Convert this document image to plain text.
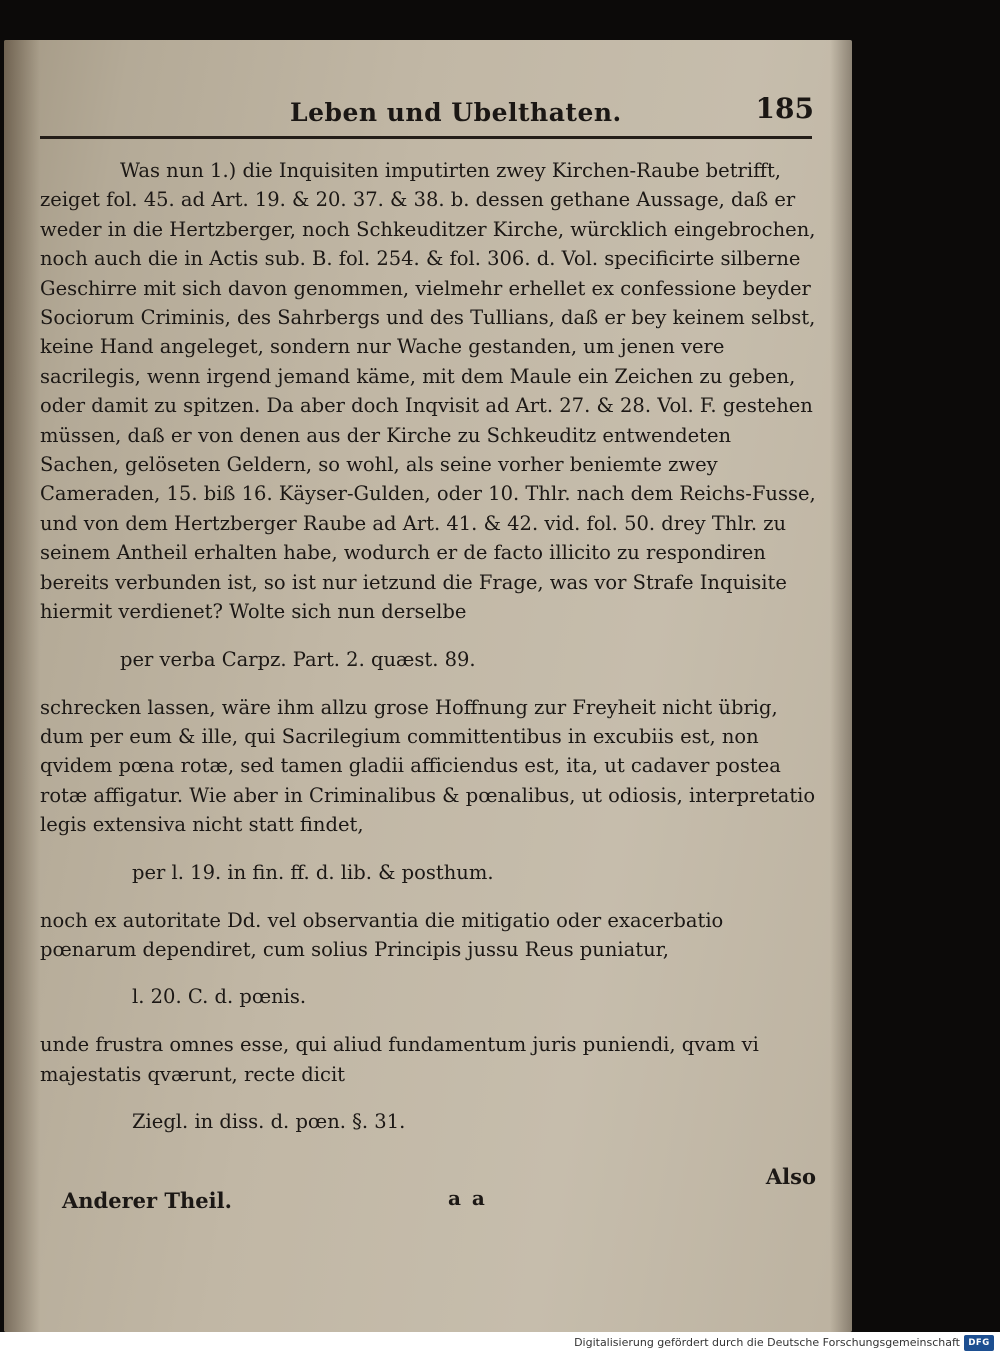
Leben und Ubelthaten.	185

Was nun 1.) die Inquisiten imputirten zwey Kirchen-Raube betrifft, zeiget fol. 45. ad Art. 19. & 20. 37. & 38. b. dessen gethane Aussage, daß er weder in die Hertzberger, noch Schkeuditzer Kirche, würcklich eingebrochen, noch auch die in Actis sub. B. fol. 254. & fol. 306. d. Vol. specificirte silberne Geschirre mit sich davon genommen, vielmehr erhellet ex confessione beyder Sociorum Criminis, des Sahrbergs und des Tullians, daß er bey keinem selbst, keine Hand angeleget, sondern nur Wache gestanden, um jenen vere sacrilegis, wenn irgend jemand käme, mit dem Maule ein Zeichen zu geben, oder damit zu spitzen. Da aber doch Inqvisit ad Art. 27. & 28. Vol. F. gestehen müssen, daß er von denen aus der Kirche zu Schkeuditz entwendeten Sachen, gelöseten Geldern, so wohl, als seine vorher beniemte zwey Cameraden, 15. biß 16. Käyser-Gulden, oder 10. Thlr. nach dem Reichs-Fusse, und von dem Hertzberger Raube ad Art. 41. & 42. vid. fol. 50. drey Thlr. zu seinem Antheil erhalten habe, wodurch er de facto illicito zu respondiren bereits verbunden ist, so ist nur ietzund die Frage, was vor Strafe Inquisite hiermit verdienet? Wolte sich nun derselbe

per verba Carpz. Part. 2. quæst. 89.

schrecken lassen, wäre ihm allzu grose Hoffnung zur Freyheit nicht übrig, dum per eum & ille, qui Sacrilegium committentibus in excubiis est, non qvidem pœna rotæ, sed tamen gladii afficiendus est, ita, ut cadaver postea rotæ affigatur. Wie aber in Criminalibus & pœnalibus, ut odiosis, interpretatio legis extensiva nicht statt findet,

per l. 19. in fin. ff. d. lib. & posthum.

noch ex autoritate Dd. vel observantia die mitigatio oder exacerbatio pœnarum dependiret, cum solius Principis jussu Reus puniatur,

l. 20. C. d. pœnis.

unde frustra omnes esse, qui aliud fundamentum juris puniendi, qvam vi majestatis qværunt, recte dicit

Ziegl. in diss. d. pœn. §. 31.

Also
Anderer Theil.	a a
Digitalisierung gefördert durch die Deutsche Forschungsgemeinschaft DFG
